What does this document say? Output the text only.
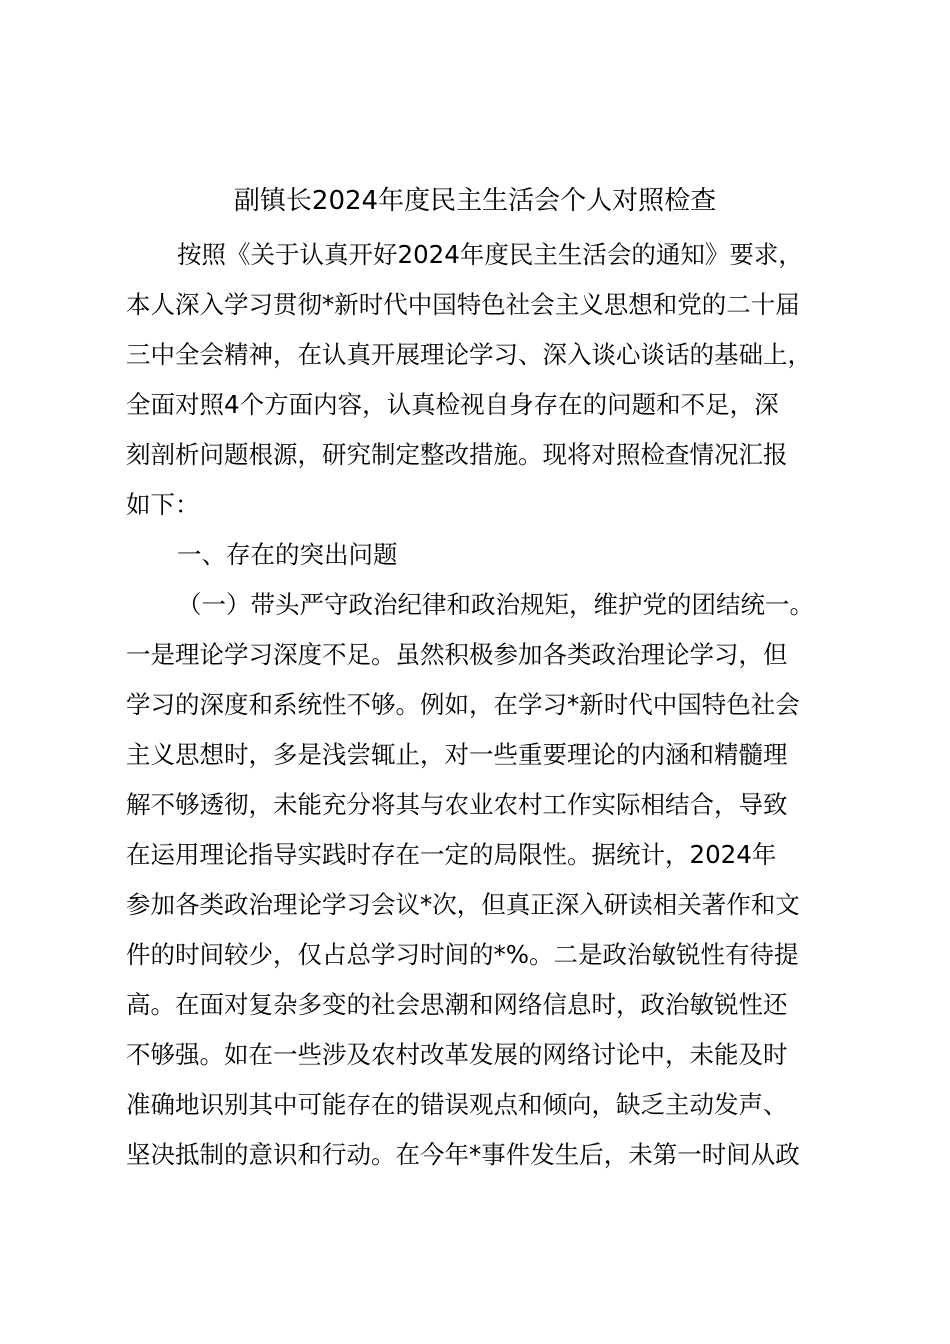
副镇长2024年度民主生活会个人对照检查
按照《关于认真开好2024年度民主生活会的通知》要求，
本人深入学习贯彻*新时代中国特色社会主义思想和党的二十届
三中全会精神，在认真开展理论学习、深入谈心谈话的基础上，
全面对照4个方面内容，认真检视自身存在的问题和不足，深
刻剖析问题根源，研究制定整改措施。现将对照检查情况汇报
如下：
一、存在的突出问题
（一）带头严守政治纪律和政治规矩，维护党的团结统一。
一是理论学习深度不足。虽然积极参加各类政治理论学习，但
学习的深度和系统性不够。例如，在学习*新时代中国特色社会
主义思想时，多是浅尝辄止，对一些重要理论的内涵和精髓理
解不够透彻，未能充分将其与农业农村工作实际相结合，导致
在运用理论指导实践时存在一定的局限性。据统计，2024年
参加各类政治理论学习会议*次，但真正深入研读相关著作和文
件的时间较少，仅占总学习时间的*%。二是政治敏锐性有待提
高。在面对复杂多变的社会思潮和网络信息时，政治敏锐性还
不够强。如在一些涉及农村改革发展的网络讨论中，未能及时
准确地识别其中可能存在的错误观点和倾向，缺乏主动发声、
坚决抵制的意识和行动。在今年*事件发生后，未第一时间从政
